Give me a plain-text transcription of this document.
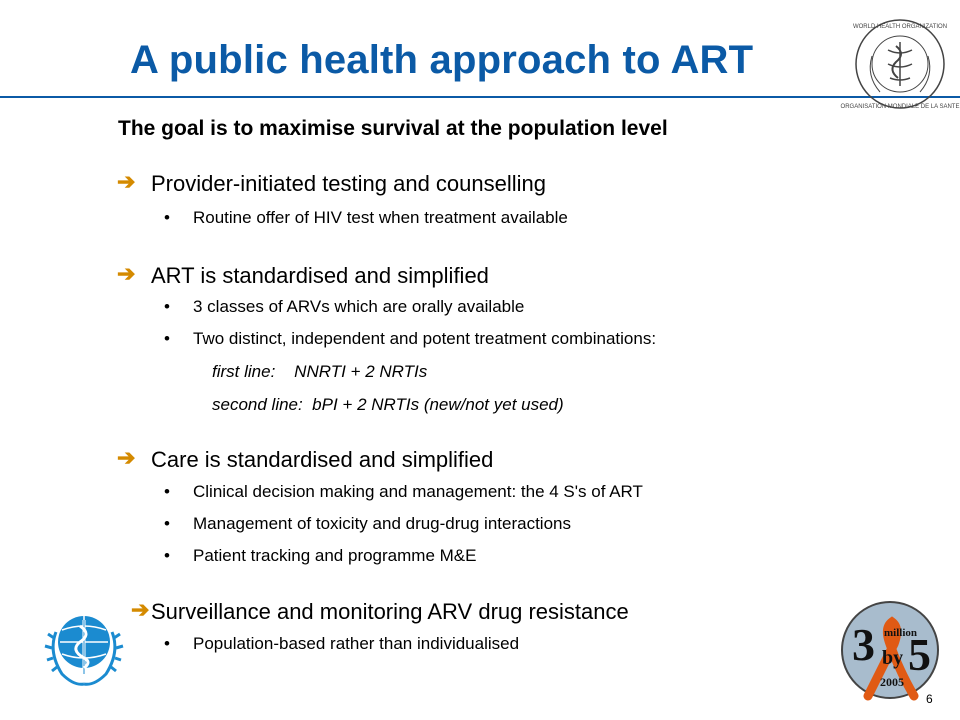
A public health approach to ART
WORLD HEALTH ORGANIZATION
ORGANISATION MONDIALE DE LA SANTE

The goal is to maximise survival at the population level

➔ Provider-initiated testing and counselling
• Routine offer of HIV test when treatment available
➔ ART is standardised and simplified
• 3 classes of ARVs which are orally available
• Two distinct, independent and potent treatment combinations:
first line:    NNRTI + 2 NRTIs
second line:  bPI + 2 NRTIs (new/not yet used)
➔ Care is standardised and simplified
• Clinical decision making and management: the 4 S's of ART
• Management of toxicity and drug-drug interactions
• Patient tracking and programme M&E
➔ Surveillance and monitoring ARV drug resistance
• Population-based rather than individualised	3 million
by 5
2005
6
